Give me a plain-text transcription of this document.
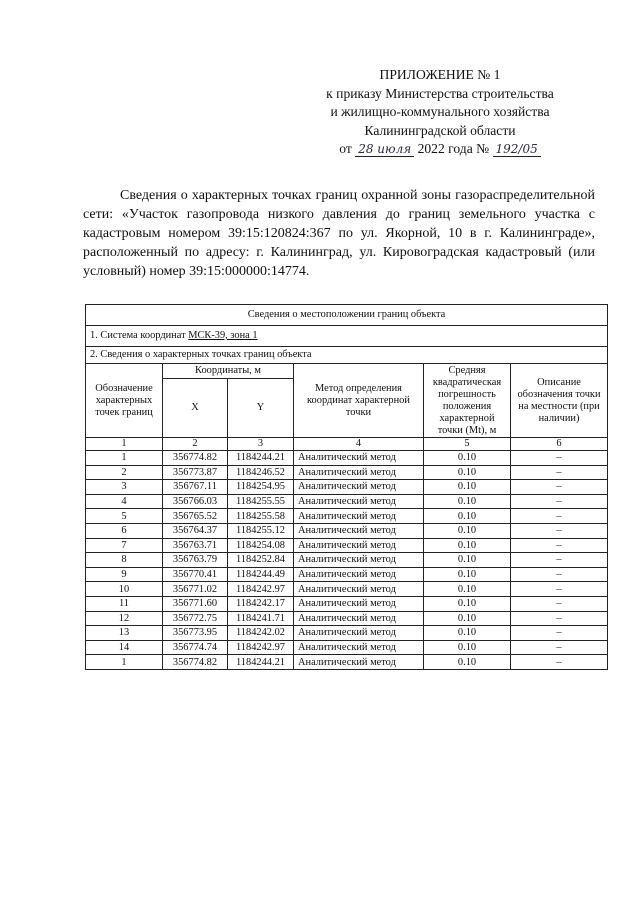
ПРИЛОЖЕНИЕ № 1
к приказу Министерства строительства
и жилищно-коммунального хозяйства
Калининградской области
от 28 июля 2022 года № 192/05
Сведения о характерных точках границ охранной зоны газораспределительной сети: «Участок газопровода низкого давления до границ земельного участка с кадастровым номером 39:15:120824:367 по ул. Якорной, 10 в г. Калининграде», расположенный по адресу: г. Калининград, ул. Кировоградская кадастровый (или условный) номер 39:15:000000:14774.
Сведения о местоположении границ объекта					
1. Система координат МСК-39, зона 1					
2. Сведения о характерных точках границ объекта					
Обозначение характерных точек границ	Координаты, м		Метод определения координат характерной точки	Средняя квадратическая погрешность положения характерной точки (Mt), м	Описание обозначения точки на местности (при наличии)
	X	Y			
1	2	3	4	5	6
1	356774.82	1184244.21	Аналитический метод	0.10	–
2	356773.87	1184246.52	Аналитический метод	0.10	–
3	356767.11	1184254.95	Аналитический метод	0.10	–
4	356766.03	1184255.55	Аналитический метод	0.10	–
5	356765.52	1184255.58	Аналитический метод	0.10	–
6	356764.37	1184255.12	Аналитический метод	0.10	–
7	356763.71	1184254.08	Аналитический метод	0.10	–
8	356763.79	1184252.84	Аналитический метод	0.10	–
9	356770.41	1184244.49	Аналитический метод	0.10	–
10	356771.02	1184242.97	Аналитический метод	0.10	–
11	356771.60	1184242.17	Аналитический метод	0.10	–
12	356772.75	1184241.71	Аналитический метод	0.10	–
13	356773.95	1184242.02	Аналитический метод	0.10	–
14	356774.74	1184242.97	Аналитический метод	0.10	–
1	356774.82	1184244.21	Аналитический метод	0.10	–
